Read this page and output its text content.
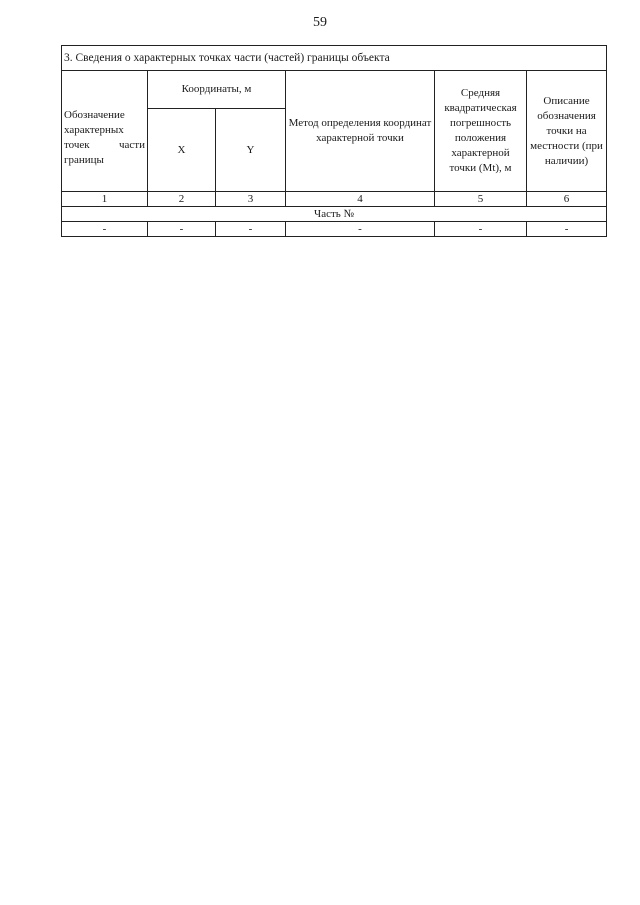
59
3. Сведения о характерных точках части (частей) границы объекта					
Обозначение характерных точек части границы	Координаты, м		Метод определения координат характерной точки	Средняя квадратическая погрешность положения характерной точки (Mt), м	Описание обозначения точки на местности (при наличии)
	X	Y			
1	2	3	4	5	6
Часть №					
-	-	-	-	-	-
